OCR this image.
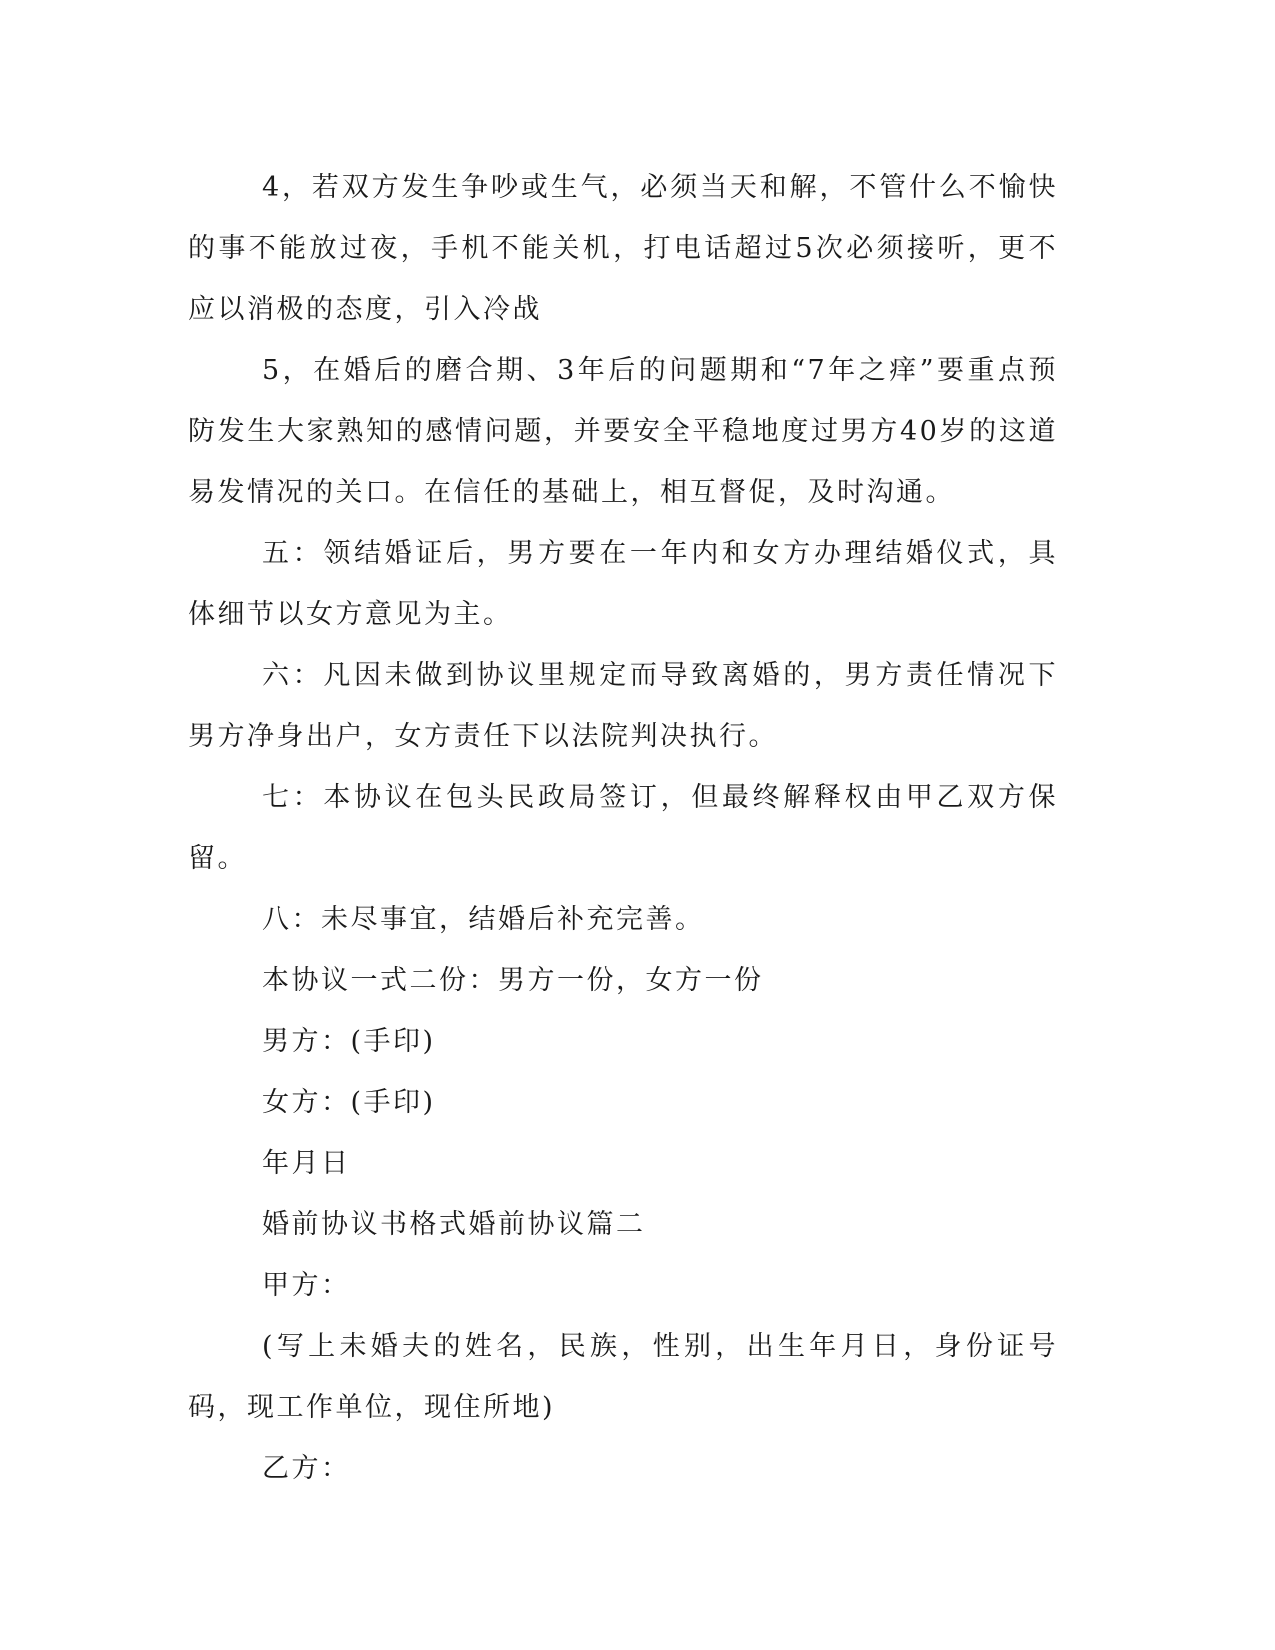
4，若双方发生争吵或生气，必须当天和解，不管什么不愉快的事不能放过夜，手机不能关机，打电话超过5次必须接听，更不应以消极的态度，引入冷战

5，在婚后的磨合期、3年后的问题期和“7年之痒”要重点预防发生大家熟知的感情问题，并要安全平稳地度过男方40岁的这道易发情况的关口。在信任的基础上，相互督促，及时沟通。

五：领结婚证后，男方要在一年内和女方办理结婚仪式，具体细节以女方意见为主。

六：凡因未做到协议里规定而导致离婚的，男方责任情况下男方净身出户，女方责任下以法院判决执行。

七：本协议在包头民政局签订，但最终解释权由甲乙双方保留。

八：未尽事宜，结婚后补充完善。

本协议一式二份：男方一份，女方一份

男方：(手印)

女方：(手印)

年月日

婚前协议书格式婚前协议篇二

甲方：

(写上未婚夫的姓名，民族，性别，出生年月日，身份证号码，现工作单位，现住所地)

乙方：
